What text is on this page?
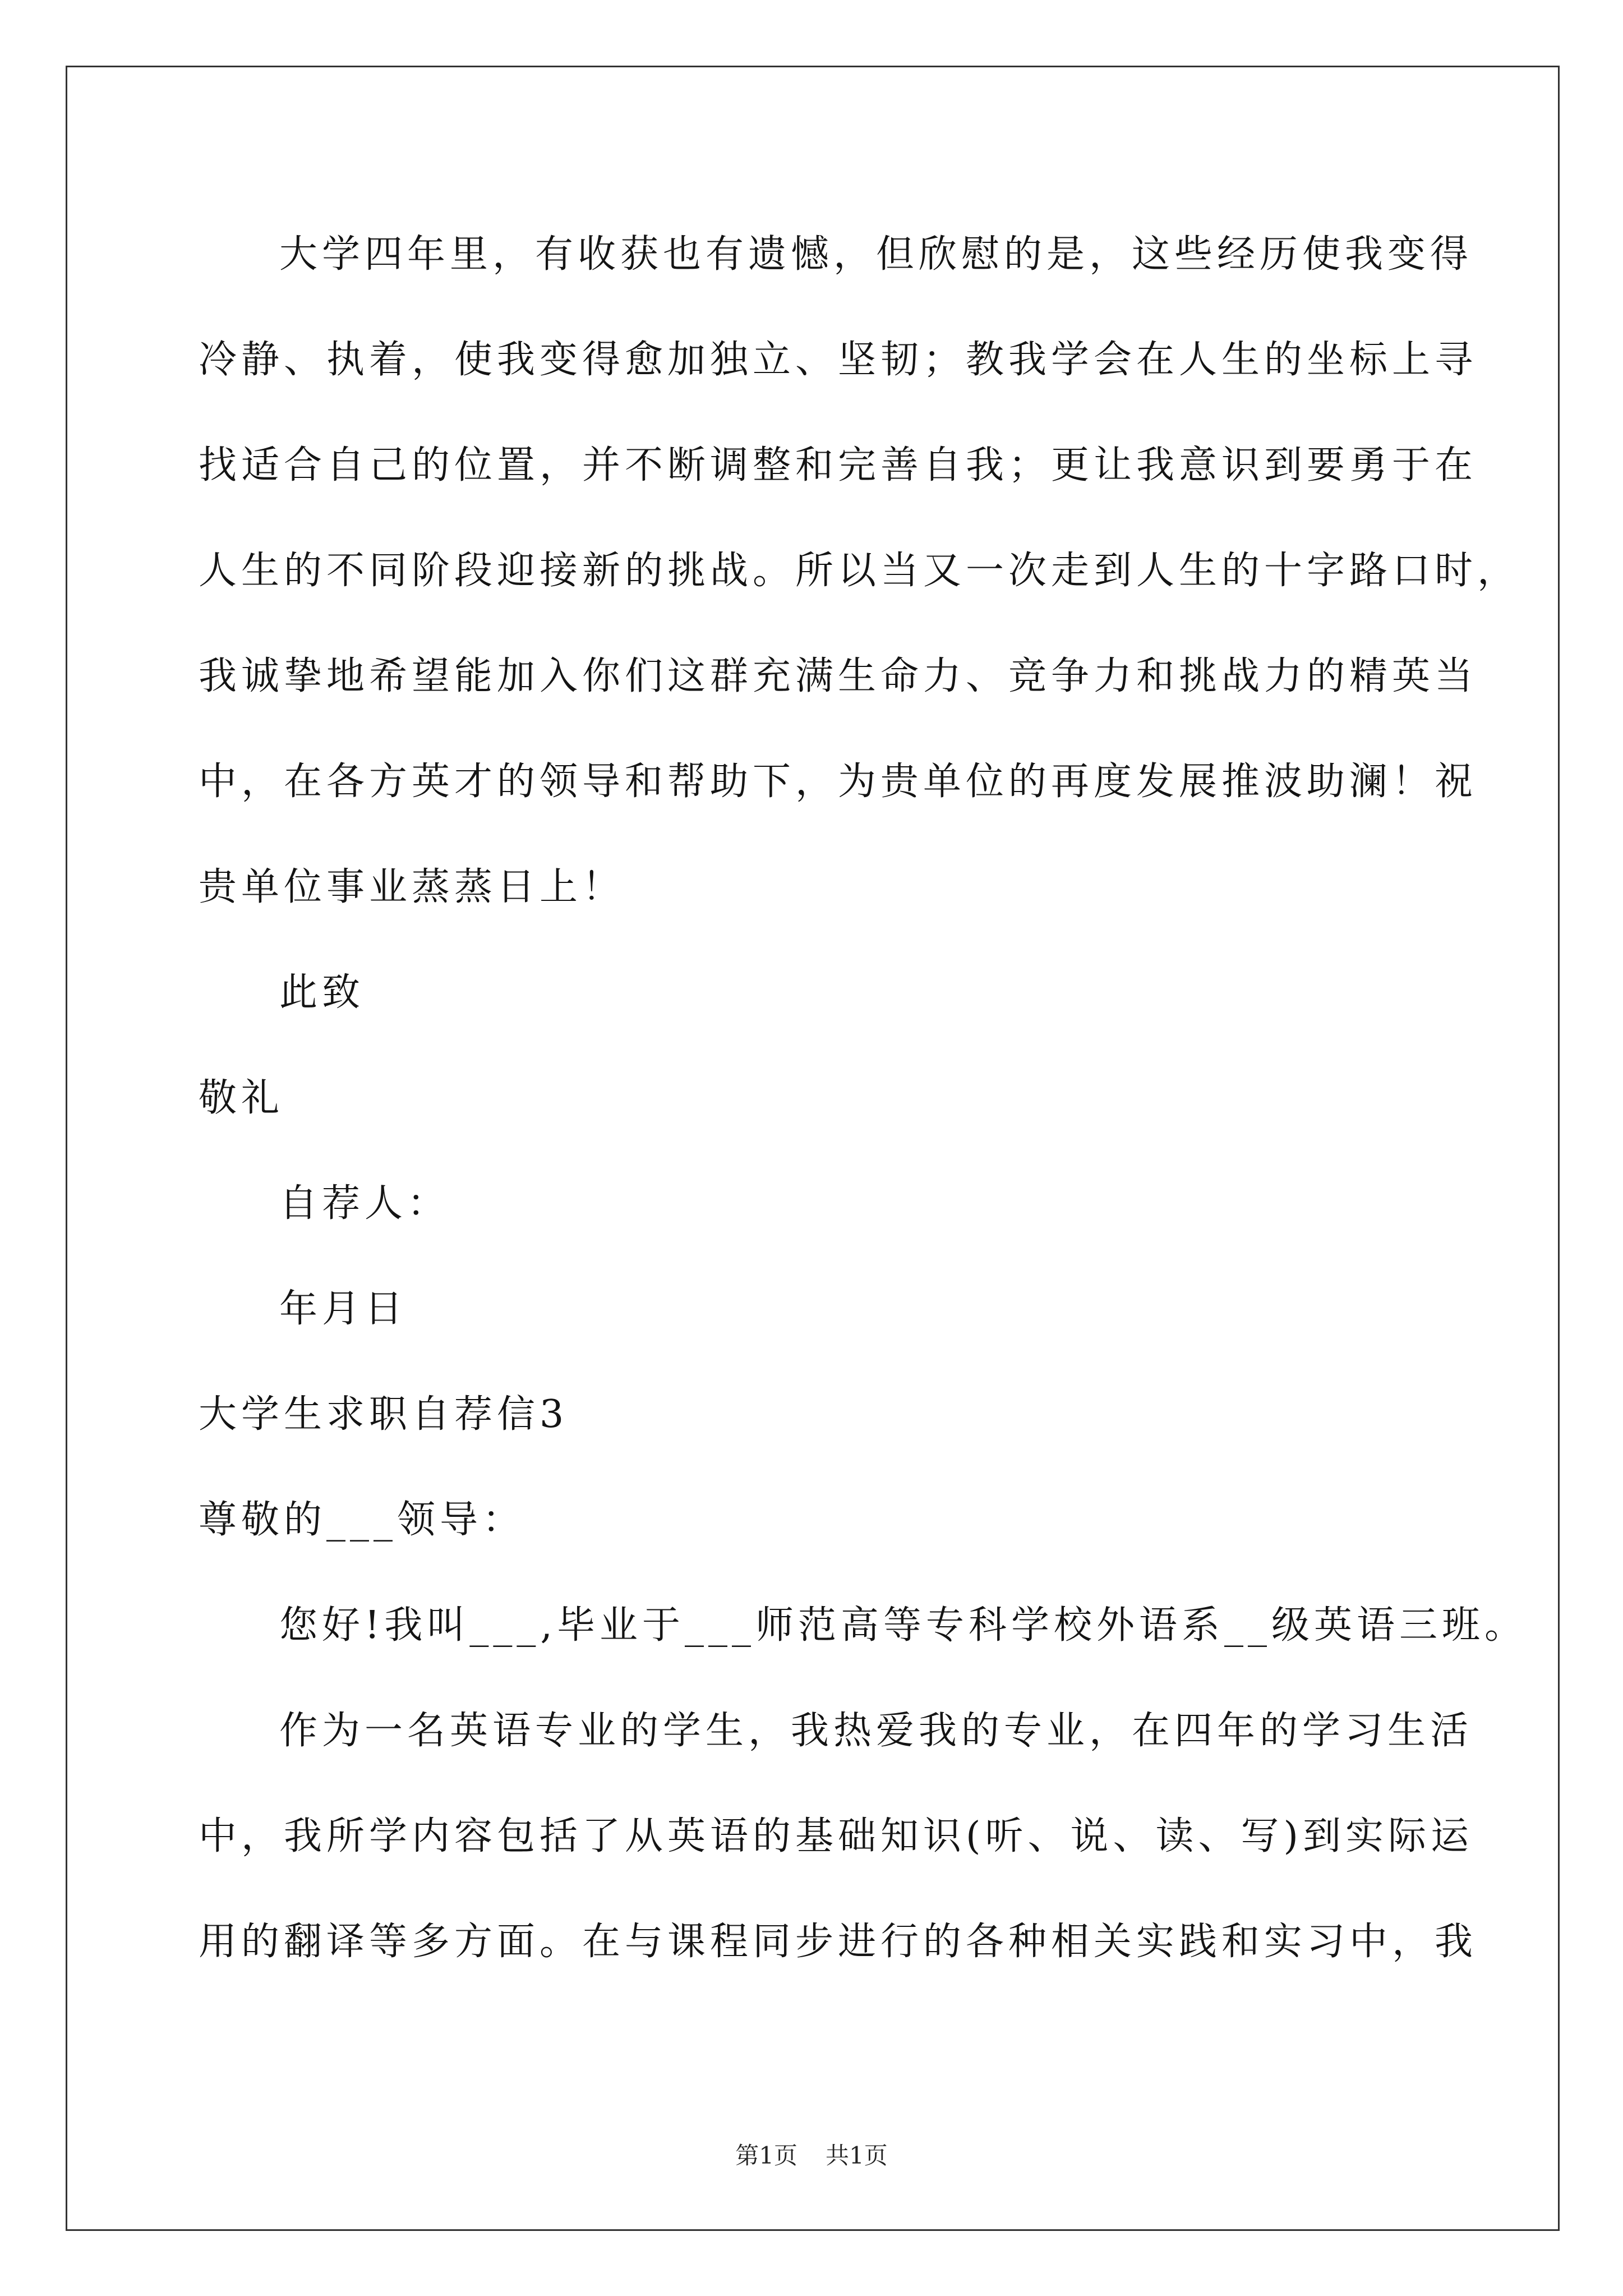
大学四年里，有收获也有遗憾，但欣慰的是，这些经历使我变得
冷静、执着，使我变得愈加独立、坚韧；教我学会在人生的坐标上寻
找适合自己的位置，并不断调整和完善自我；更让我意识到要勇于在
人生的不同阶段迎接新的挑战。所以当又一次走到人生的十字路口时，
我诚挚地希望能加入你们这群充满生命力、竞争力和挑战力的精英当
中，在各方英才的领导和帮助下，为贵单位的再度发展推波助澜！祝
贵单位事业蒸蒸日上！
此致
敬礼
自荐人：
年月日
大学生求职自荐信3
尊敬的___领导：
您好!我叫___,毕业于___师范高等专科学校外语系__级英语三班。
作为一名英语专业的学生，我热爱我的专业，在四年的学习生活
中，我所学内容包括了从英语的基础知识(听、说、读、写)到实际运
用的翻译等多方面。在与课程同步进行的各种相关实践和实习中，我
第1页 共1页
